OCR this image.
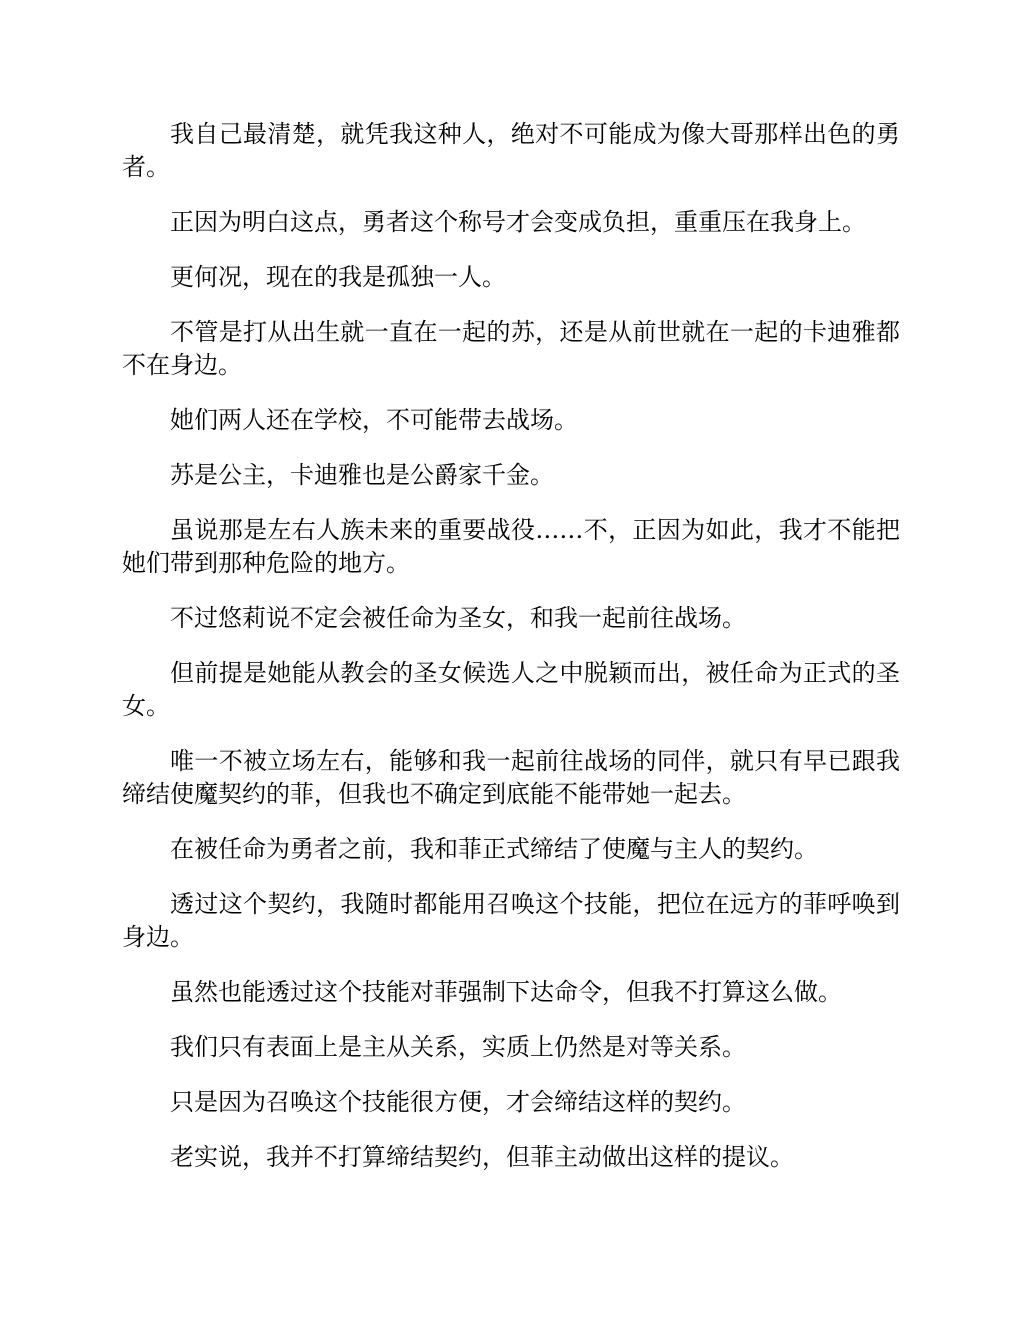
我自己最清楚，就凭我这种人，绝对不可能成为像大哥那样出色的勇者。

正因为明白这点，勇者这个称号才会变成负担，重重压在我身上。

更何况，现在的我是孤独一人。

不管是打从出生就一直在一起的苏，还是从前世就在一起的卡迪雅都不在身边。

她们两人还在学校，不可能带去战场。

苏是公主，卡迪雅也是公爵家千金。

虽说那是左右人族未来的重要战役……不，正因为如此，我才不能把她们带到那种危险的地方。

不过悠莉说不定会被任命为圣女，和我一起前往战场。

但前提是她能从教会的圣女候选人之中脱颖而出，被任命为正式的圣女。

唯一不被立场左右，能够和我一起前往战场的同伴，就只有早已跟我缔结使魔契约的菲，但我也不确定到底能不能带她一起去。

在被任命为勇者之前，我和菲正式缔结了使魔与主人的契约。

透过这个契约，我随时都能用召唤这个技能，把位在远方的菲呼唤到身边。

虽然也能透过这个技能对菲强制下达命令，但我不打算这么做。

我们只有表面上是主从关系，实质上仍然是对等关系。

只是因为召唤这个技能很方便，才会缔结这样的契约。

老实说，我并不打算缔结契约，但菲主动做出这样的提议。
